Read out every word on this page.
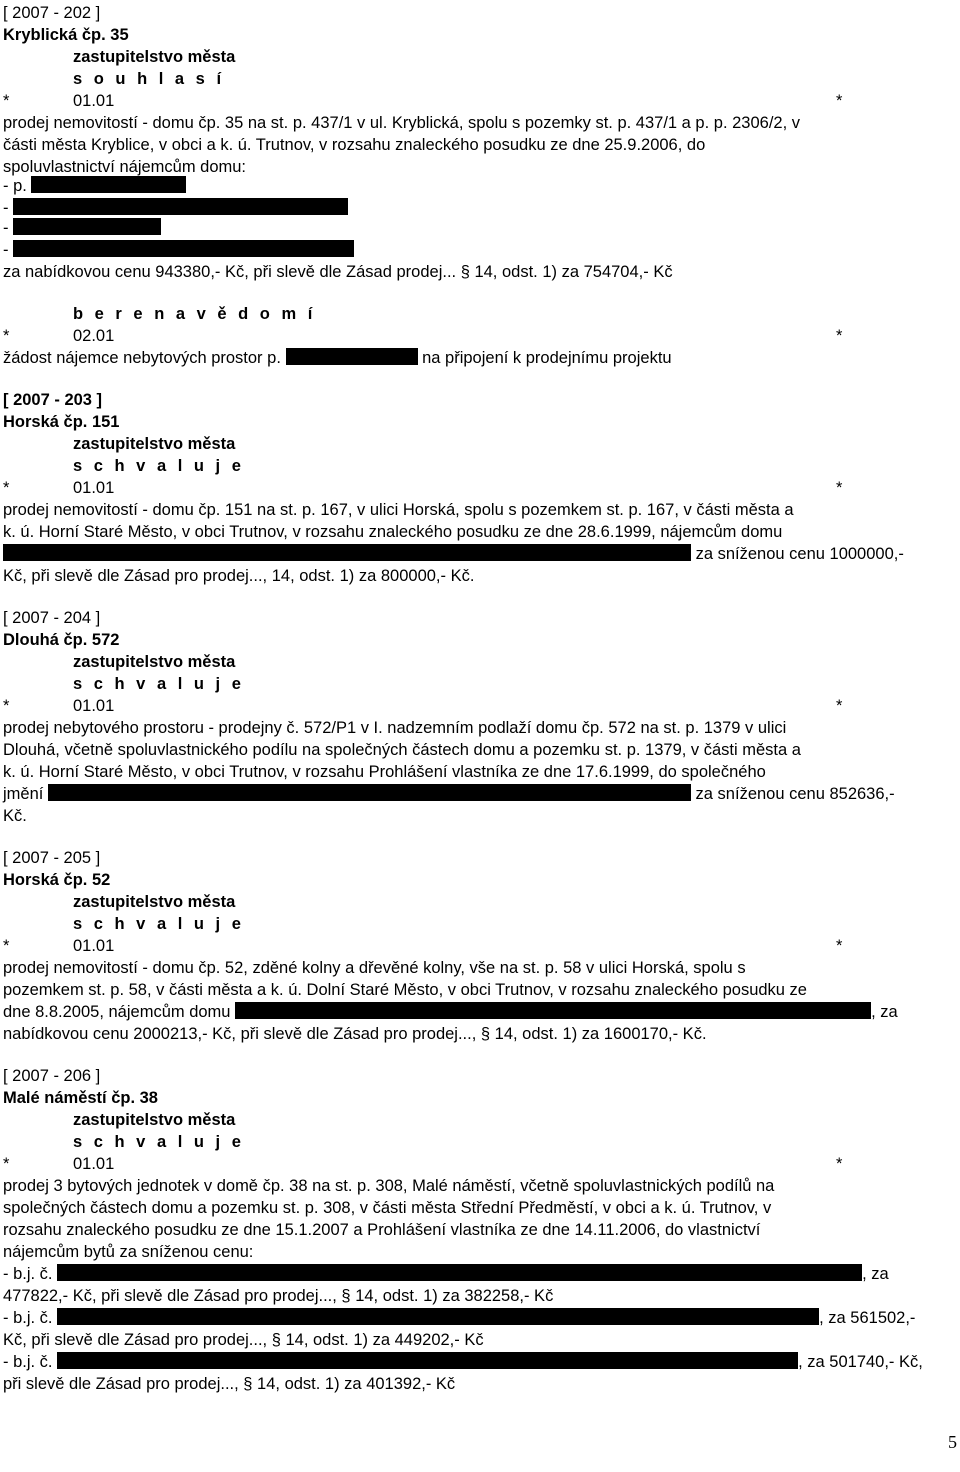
[ 2007 - 202 ]
Kryblická čp. 35
zastupitelstvo města
s o u h l a s í
*	01.01	*
prodej nemovitostí - domu čp. 35 na st. p. 437/1 v ul. Kryblická, spolu s pozemky st. p. 437/1 a p. p. 2306/2, v
části města Kryblice, v obci a k. ú. Trutnov, v rozsahu znaleckého posudku ze dne 25.9.2006, do
spoluvlastnictví nájemcům domu:
- p.
-
-
-
za nabídkovou cenu 943380,- Kč, při slevě dle Zásad prodej... § 14, odst. 1) za 754704,- Kč
b e r e n a v ě d o m í
*	02.01	*
žádost nájemce nebytových prostor p.	na připojení k prodejnímu projektu
[ 2007 - 203 ]
Horská čp. 151
zastupitelstvo města
s c h v a l u j e
*	01.01	*
prodej nemovitostí - domu čp. 151 na st. p. 167, v ulici Horská, spolu s pozemkem st. p. 167, v části města a
k. ú. Horní Staré Město, v obci Trutnov, v rozsahu znaleckého posudku ze dne 28.6.1999, nájemcům domu
za sníženou cenu 1000000,-
Kč, při slevě dle Zásad pro prodej..., 14, odst. 1) za 800000,- Kč.
[ 2007 - 204 ]
Dlouhá čp. 572
zastupitelstvo města
s c h v a l u j e
*	01.01	*
prodej nebytového prostoru - prodejny č. 572/P1 v I. nadzemním podlaží domu čp. 572 na st. p. 1379 v ulici
Dlouhá, včetně spoluvlastnického podílu na společných částech domu a pozemku st. p. 1379, v části města a
k. ú. Horní Staré Město, v obci Trutnov, v rozsahu Prohlášení vlastníka ze dne 17.6.1999, do společného
jmění	za sníženou cenu 852636,-
Kč.
[ 2007 - 205 ]
Horská čp. 52
zastupitelstvo města
s c h v a l u j e
*	01.01	*
prodej nemovitostí - domu čp. 52, zděné kolny a dřevěné kolny, vše na st. p. 58 v ulici Horská, spolu s
pozemkem st. p. 58, v části města a k. ú. Dolní Staré Město, v obci Trutnov, v rozsahu znaleckého posudku ze
dne 8.8.2005, nájemcům domu	, za
nabídkovou cenu 2000213,- Kč, při slevě dle Zásad pro prodej..., § 14, odst. 1) za 1600170,- Kč.
[ 2007 - 206 ]
Malé náměstí čp. 38
zastupitelstvo města
s c h v a l u j e
*	01.01	*
prodej 3 bytových jednotek v domě čp. 38 na st. p. 308, Malé náměstí, včetně spoluvlastnických podílů na
společných částech domu a pozemku st. p. 308, v části města Střední Předměstí, v obci a k. ú. Trutnov, v
rozsahu znaleckého posudku ze dne 15.1.2007 a Prohlášení vlastníka ze dne 14.11.2006, do vlastnictví
nájemcům bytů za sníženou cenu:
- b.j. č.	, za
477822,- Kč, při slevě dle Zásad pro prodej..., § 14, odst. 1) za 382258,- Kč
- b.j. č.	, za 561502,-
Kč, při slevě dle Zásad pro prodej..., § 14, odst. 1) za 449202,- Kč
- b.j. č.	, za 501740,- Kč,
při slevě dle Zásad pro prodej..., § 14, odst. 1) za 401392,- Kč
5
